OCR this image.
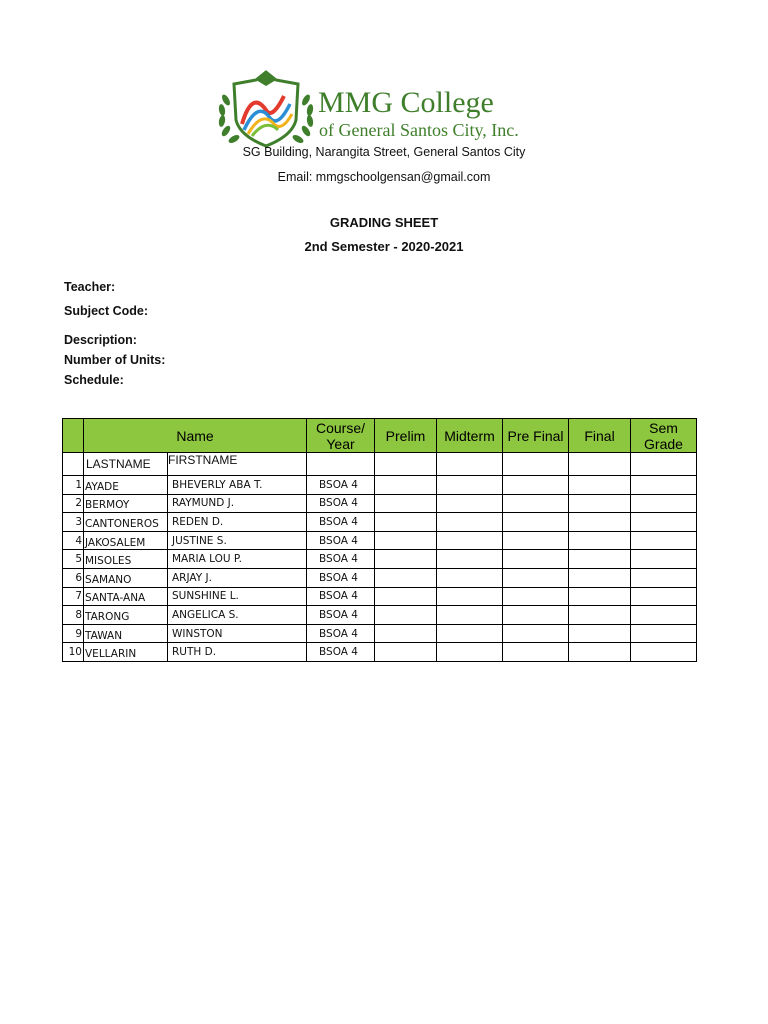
MMG College
of General Santos City, Inc.
SG Building, Narangita Street, General Santos City
Email: mmgschoolgensan@gmail.com
GRADING SHEET
2nd Semester - 2020-2021
Teacher:
Subject Code:
Description:
Number of Units:
Schedule:
	Name		Course/ Year	Prelim	Midterm	Pre Final	Final	Sem Grade
	LASTNAME	FIRSTNAME						
1	AYADE	BHEVERLY ABA T.	BSOA 4					
2	BERMOY	RAYMUND J.	BSOA 4					
3	CANTONEROS	REDEN D.	BSOA 4					
4	JAKOSALEM	JUSTINE S.	BSOA 4					
5	MISOLES	MARIA LOU P.	BSOA 4					
6	SAMANO	ARJAY J.	BSOA 4					
7	SANTA-ANA	SUNSHINE L.	BSOA 4					
8	TARONG	ANGELICA S.	BSOA 4					
9	TAWAN	WINSTON	BSOA 4					
10	VELLARIN	RUTH D.	BSOA 4					
